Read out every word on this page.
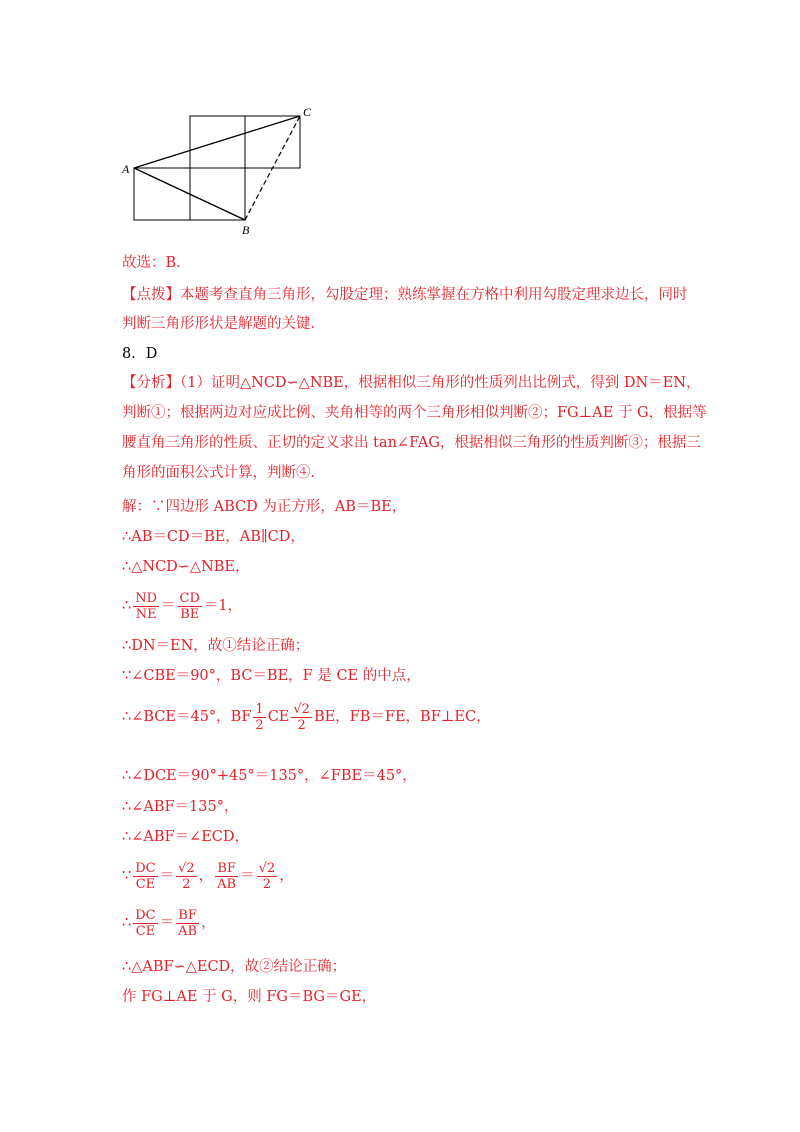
A
B
C
故选：B．
【点拨】本题考查直角三角形，勾股定理；熟练掌握在方格中利用勾股定理求边长，同时
判断三角形形状是解题的关键．
8．D
【分析】（1）证明△NCD∽△NBE，根据相似三角形的性质列出比例式，得到 DN＝EN，
判断①；根据两边对应成比例、夹角相等的两个三角形相似判断②；FG⊥AE 于 G，根据等
腰直角三角形的性质、正切的定义求出 tan∠FAG，根据相似三角形的性质判断③；根据三
角形的面积公式计算，判断④．
解：∵四边形 ABCD 为正方形，AB＝BE，
∴AB＝CD＝BE，AB∥CD，
∴△NCD∽△NBE，
∴ $\frac{ND}{NE} = \frac{CD}{BE} =1$，
∴DN＝EN，故①结论正确；
∵∠CBE＝90°，BC＝BE，F 是 CE 的中点，
∴∠BCE＝45°，BF $\frac{1}{2}$ CE $\frac{√2}{2}$ BE，FB＝FE，BF⊥EC，
∴∠DCE＝90°+45°＝135°，∠FBE＝45°，
∴∠ABF＝135°，
∴∠ABF＝∠ECD，
∵ $\frac{DC}{CE} = \frac{√2}{2}$ ， $\frac{BF}{AB} = \frac{√2}{2}$ ，
∴ $\frac{DC}{CE} = \frac{BF}{AB}$ ，
∴△ABF∽△ECD，故②结论正确；
作 FG⊥AE 于 G，则 FG＝BG＝GE，
